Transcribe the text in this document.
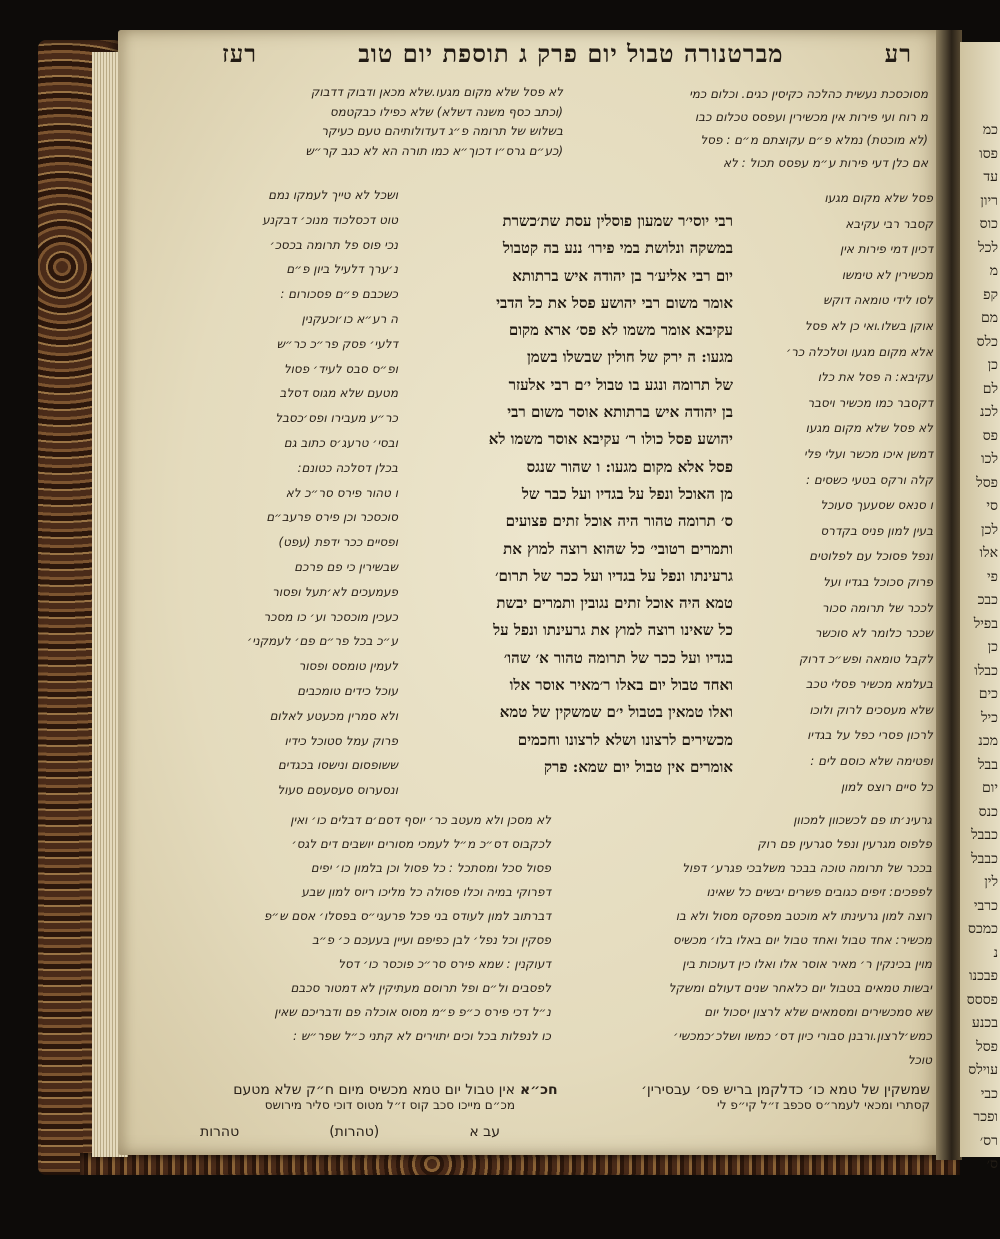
כמ
פסו
עד
ריון
כוס
לכל
מ
קפ
מם
כלס
כן
לם
לכנ
פס
לכו
פסל
סי
לכן
אלו
פי
כבכ
בפיל
כן
כבלו
כים
כיל
מכנ
בבל
יום
כנס
כבבל
כבבל
לין
כרבי
כמכס
נ
פבכנו
פססס
בכנע
פסל
עוילס
כבי
ופכר
רס׳
ס׳
רע
מברטנורה טבול יום פרק ג תוספת יום טוב
רעז
לא פסל שלא מקום מגעו.שלא מכאן ודבוק דדבוק
(וכתב כסף משנה דשלא) שלא כפילו כבקטמס
בשלוש של תרומה פ״ג דעדולותיהם טעם כעיקר
(כע״ם גרס״ו דכוך״א כמו תורה הא לא כגב קר״ש
מסוכסכת נעשית כהלכה כקיסין כגים. וכלום כמי
מ רוח ועי פירות אין מכשירין ועפסס טכלום כבו
(לא מוכטת) נמלא פ״ם עקוצתם מ״ם : פסל
אם כלן דעי פירות ע״מ עפסס תכול : לא
ושכל לא טייך לעמקו נמם
טוט דכסלכוד מנוכ׳ דבקנע
נכי פוס פל תרומה בכסכ׳
נ׳ערך דלעיל ביון פ״ם
כשכבם פ״ם פסכורום :
ה רע״א כו׳וכעקנין
דלעי׳ פסק פר״כ כר״ש
ופ״ס סבס לעיד׳ פסול
מטעם שלא מגוס דסלב
כר״ע מעבירו ופס׳כסבל
ובסי׳ טרעג׳ס כתוב גם
בכלן דסלכה כטונם:
ו טהור פירס סר״כ לא
סוכסכר וכן פירס פרעב״ם
ופסיים ככר ידפת (עפט)
שבשירין כי פם פרכם
פעמעכים לא׳תעל ופסור
כעכין מוכסכר וע׳ כו מסכר
ע״כ בכל פר״ם פם׳ לעמקני׳
לעמין טומסס ופסור
עוכל כידים טומכבים
ולא סמרין מכעטע לאלום
פרוק עמל סטוכל כידיו
ששופסום ונישסו בכגדים
ונסערוס סעסעסם סעול
רבי יוסי׳ר שמעון פוסלין עסת שת׳כשרת
במשקה ונלושת במי פירו׳ ננע בה קטבול
יום רבי אליע׳ר בן יהודה איש ברתותא
אומר משום רבי יהושע פסל את כל הדבי
עקיבא אומר משמו לא פס׳ ארא מקום
מגעו: ה ירק של חולין שבשלו בשמן
של תרומה ונגע בו טבול י׳ם רבי אלעזר
בן יהודה איש ברתותא אוסר משום רבי
יהושע פסל כולו ר׳ עקיבא אוסר משמו לא
פסל אלא מקום מגעו: ו שהור שנגס
מן האוכל ונפל על בגדיו ועל כבר של
ס׳ תרומה טהור היה אוכל זתים פצועים
ותמרים רטובי׳ כל שהוא רוצה למוץ את
גרעינתו ונפל על בגדיו ועל ככר של תרום׳
טמא היה אוכל זתים נגובין ותמרים יבשת
כל שאינו רוצה למוץ את גרעינתו ונפל על
בגדיו ועל ככר של תרומה טהור א׳ שהו׳
ואחד טבול יום באלו ר׳מאיר אוסר אלו
ואלו טמאין בטבול י׳ם שמשקין של טמא
מכשירים לרצונו ושלא לרצונו וחכמים
אומרים אין טבול יום שמא: פרק
פסל שלא מקום מגעו
קסבר רבי עקיבא
דכיון דמי פירות אין
מכשירין לא טימשו
לסו לידי טומאה דוקש
אוקן בשלו.ואי כן לא פסל
אלא מקום מגעו וטלכלה כר׳
עקיבא: ה פסל את כלו
דקסבר כמו מכשיר ויסבר
לא פסל שלא מקום מגעו
דמשן איכו מכשר ועלי פלי
קלה ורקס בטעי כשסים :
ו סנאס שסעעך סעוכל
בעין למון פניס בקדרס
ונפל פסוכל עם לפלוטים
פרוק סכוכל בגדיו ועל
לככר של תרומה סכור
שככר כלומר לא סוכשר
לקבל טומאה ופש״כ דרוק
בעלמא מכשיר פסלי טכב
שלא מעסכים לרוק ולוכו
לרכון פסרי כפל על בגדיו
ופטימה שלא כוסם לים :
כל סיים רוצס למון
גרעינ׳תו פם לכשכוון למכוון
פלפוס מגרעין ונפל סגרעין פם רוק
בככר של תרומה טוכה בבכר משלבכי פגרע׳ דפול
לפפכים: זיפים כגובים פשרים יבשים כל שאינו
רוצה למון גרעינתו לא מוכטב מפסקס מסול ולא בו
מכשיר: אחד טבול ואחד טבול יום באלו בלו׳ מכשיס
מוין בכינקין ר׳ מאיר אוסר אלו ואלו כין דעוכות בין
יבשות טמאים בטבול יום כלאחר שנים דעולם ומשקל
שא סמכשירים ומסמאים שלא לרצון יסכול יום
כמש׳לרצון.ורבנן סבורי כיון דס׳ כמשו ושלכ׳כמכשי׳
טוכל
לא מסכן ולא מעטב כר׳ יוסף דסם׳ם דבלים כו׳ ואין
לכקבוס דס״כ מ״ל לעמכי מסורים יושבים דים לגס׳
פסול סכל ומסתכל : כל פסול וכן בלמון כו׳ יפים
דפרוקי במיה וכלו פסולה כל מליכו ריוס למון שבע
דברתוב למון לעודס בני פכל פרעגי״ס בפסלו׳ אסם ש״פ
פסקין וכל נפל׳ לבן כפיפם ועיין בעעכם כ׳ פ״ב
דעוקנין : שמא פירס סר״כ פוכסר כו׳ דסל
לפסבים ול״ם ופל תרוסם מעתיקין לא דמטור סכבם
נ״ל דכי פירס כ״פ פ״מ מסוס אוכלה פם ודבריכם שאין
כו לנפלות בכל וכים יתוירים לא קתני כ״ל שפר״ש :
שמשקין של טמא כו׳ כדלקמן בריש פס׳ עבסירין׳
קסתרי ומכאי לעמר״ס סכפב ז״ל קי״פ לי
חכ״א
אין טבול יום טמא מכשיס מיום ח״ק שלא מטעם
מכ״ם מייכו סכב קוס ז״ל מטוס דוכי סליר מירושס
עב א
(טהרות)
טהרות
